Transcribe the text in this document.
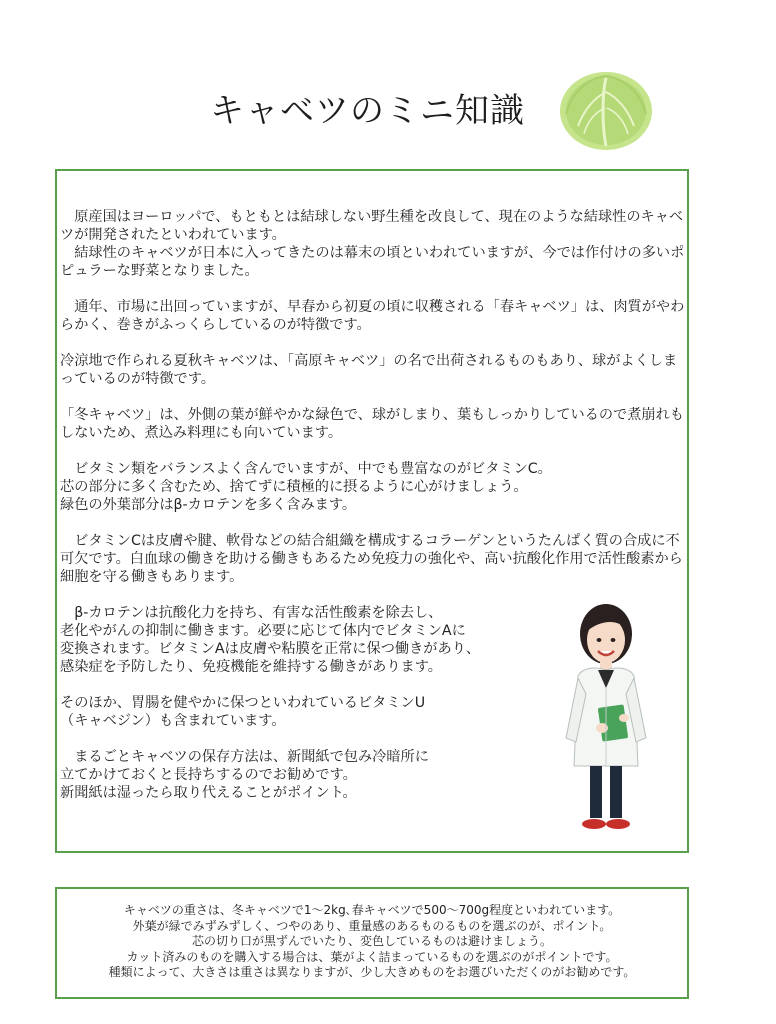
キャベツのミニ知識

　原産国はヨーロッパで、もともとは結球しない野生種を改良して、現在のような結球性のキャベツが開発されたといわれています。
　結球性のキャベツが日本に入ってきたのは幕末の頃といわれていますが、今では作付けの多いポピュラーな野菜となりました。

　通年、市場に出回っていますが、早春から初夏の頃に収穫される「春キャベツ」は、肉質がやわらかく、巻きがふっくらしているのが特徴です。

冷涼地で作られる夏秋キャベツは、「高原キャベツ」の名で出荷されるものもあり、球がよくしまっているのが特徴です。

「冬キャベツ」は、外側の葉が鮮やかな緑色で、球がしまり、葉もしっかりしているので煮崩れもしないため、煮込み料理にも向いています。

　ビタミン類をバランスよく含んでいますが、中でも豊富なのがビタミンC。
芯の部分に多く含むため、捨てずに積極的に摂るように心がけましょう。
緑色の外葉部分はβ-カロテンを多く含みます。

　ビタミンCは皮膚や腱、軟骨などの結合組織を構成するコラーゲンというたんぱく質の合成に不可欠です。白血球の働きを助ける働きもあるため免疫力の強化や、高い抗酸化作用で活性酸素から細胞を守る働きもあります。

　β-カロテンは抗酸化力を持ち、有害な活性酸素を除去し、
老化やがんの抑制に働きます。必要に応じて体内でビタミンAに
変換されます。ビタミンAは皮膚や粘膜を正常に保つ働きがあり、
感染症を予防したり、免疫機能を維持する働きがあります。

そのほか、胃腸を健やかに保つといわれているビタミンU
（キャベジン）も含まれています。

　まるごとキャベツの保存方法は、新聞紙で包み冷暗所に
立てかけておくと長持ちするのでお勧めです。
新聞紙は湿ったら取り代えることがポイント。

キャベツの重さは、冬キャベツで1～2kg､春キャベツで500～700g程度といわれています。

外葉が緑でみずみずしく、つやのあり、重量感のあるものるものを選ぶのが、ポイント。

芯の切り口が黒ずんでいたり、変色しているものは避けましょう。

カット済みのものを購入する場合は、葉がよく詰まっているものを選ぶのがポイントです。

種類によって、大きさは重さは異なりますが、少し大きめものをお選びいただくのがお勧めです。
